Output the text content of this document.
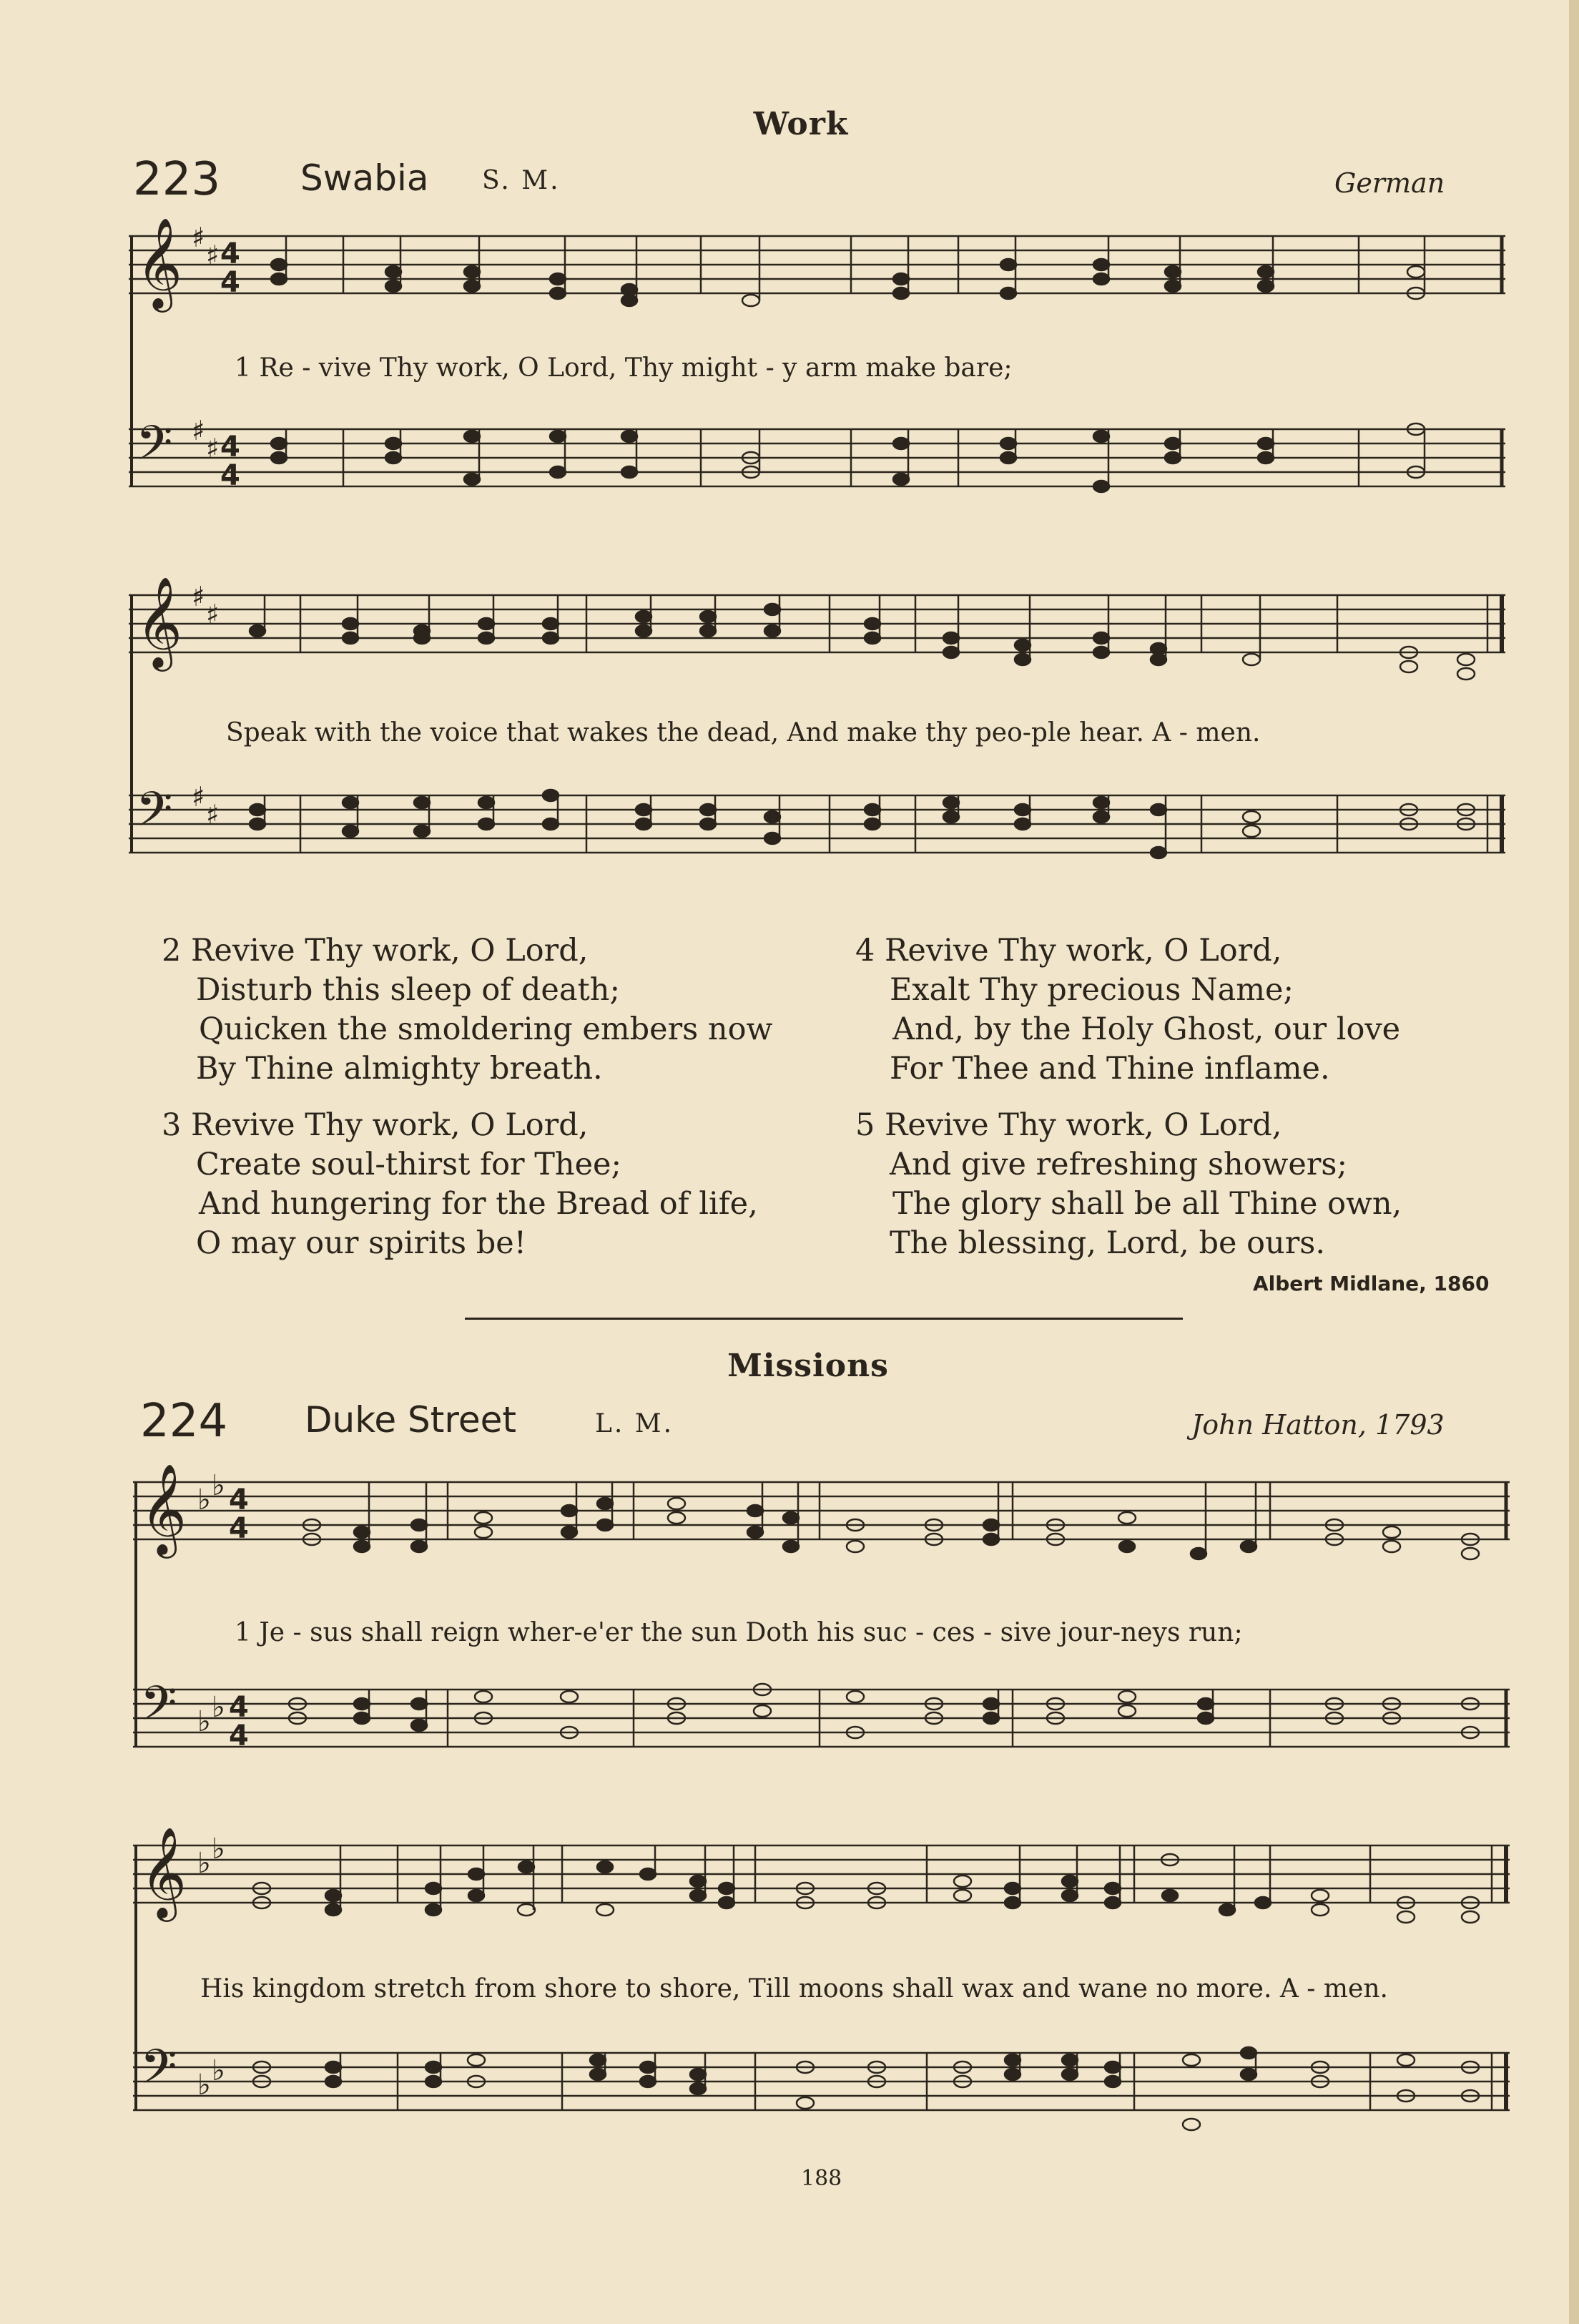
Work
223 Swabia S. M.	German
𝄞
𝄢
♯
♯
♯
♯
4
4
4
4
1 Re - vive Thy work, O Lord, Thy might - y arm make bare;
𝄞
𝄢
♯
♯
♯
♯
Speak with the voice that wakes the dead, And make thy peo-ple hear. A - men.
2 Revive Thy work, O Lord,
Disturb this sleep of death;
Quicken the smoldering embers now
By Thine almighty breath.
3 Revive Thy work, O Lord,
Create soul-thirst for Thee;
And hungering for the Bread of life,
O may our spirits be!
4 Revive Thy work, O Lord,
Exalt Thy precious Name;
And, by the Holy Ghost, our love
For Thee and Thine inflame.
5 Revive Thy work, O Lord,
And give refreshing showers;
The glory shall be all Thine own,
The blessing, Lord, be ours.
Albert Midlane, 1860
Missions
224 Duke Street	L. M.	John Hatton, 1793
𝄞
𝄢
♭ ♭
♭ ♭
4
4
4
4
1 Je - sus shall reign wher-e'er the sun Doth his suc - ces - sive jour-neys run;
𝄞
𝄢
♭ ♭
♭ ♭
His kingdom stretch from shore to shore, Till moons shall wax and wane no more. A - men.
188
